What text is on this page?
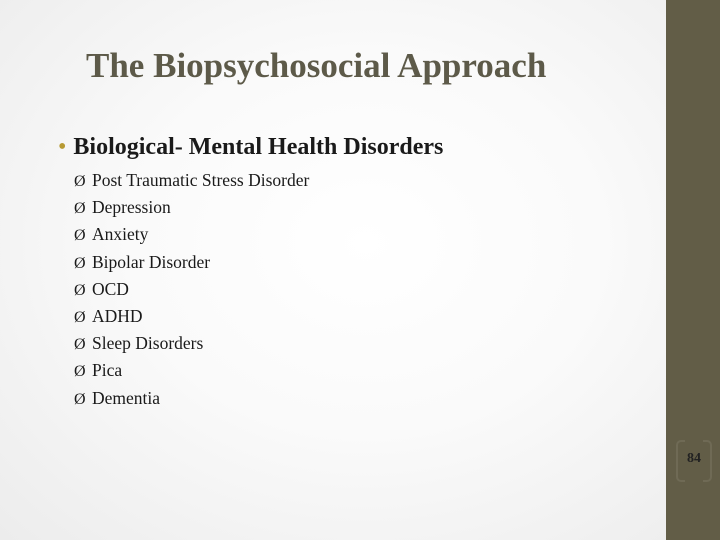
The Biopsychosocial Approach
• Biological- Mental Health Disorders
Ø Post Traumatic Stress Disorder
Ø Depression
Ø Anxiety
Ø Bipolar Disorder
Ø OCD
Ø ADHD
Ø Sleep Disorders
Ø Pica
Ø Dementia
84
